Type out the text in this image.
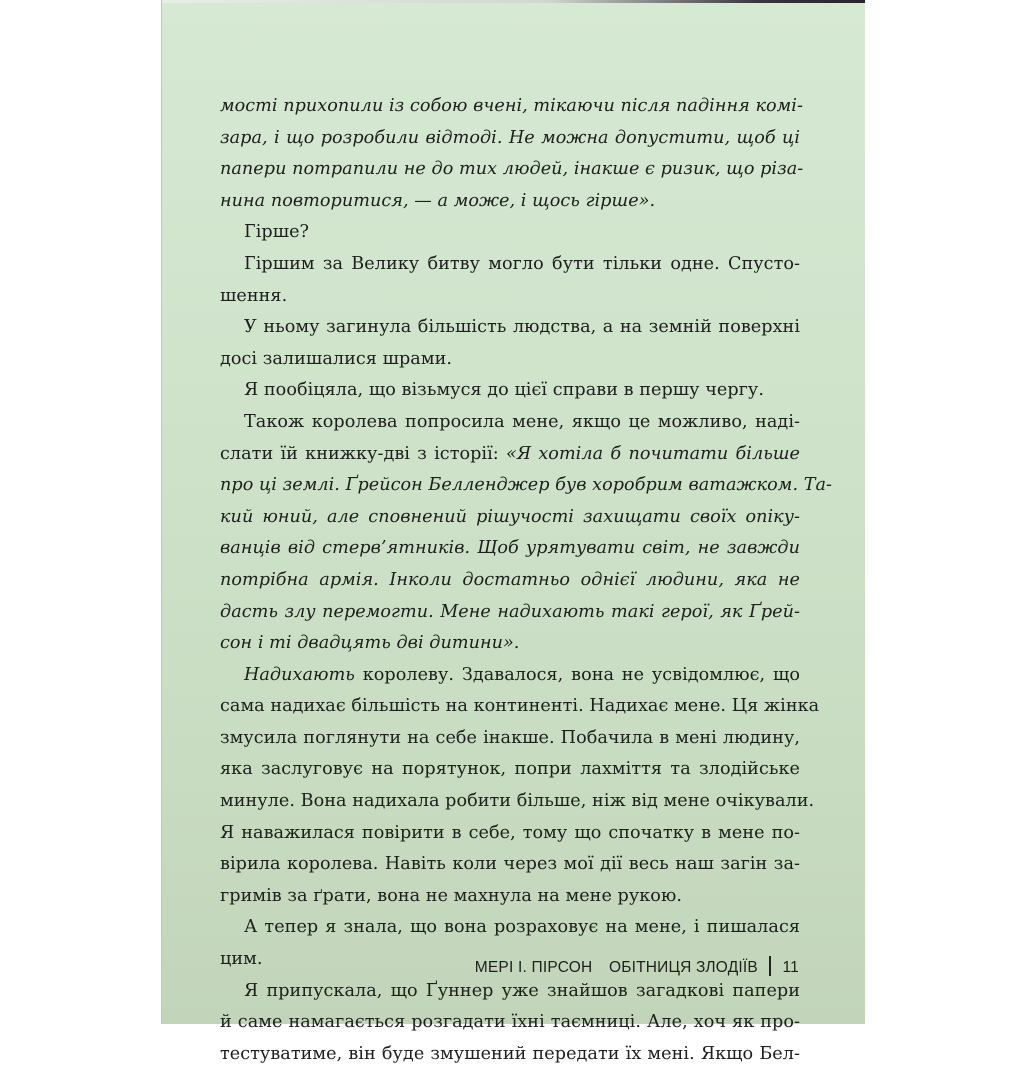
мості прихопили із собою вчені, тікаючи після падіння комі-
зара, і що розробили відтоді. Не можна допустити, щоб ці
папери потрапили не до тих людей, інакше є ризик, що різа-
нина повторитися, — а може, і щось гірше».
Гірше?
Гіршим за Велику битву могло бути тільки одне. Спусто-
шення.
У ньому загинула більшість людства, а на земній поверхні
досі залишалися шрами.
Я пообіцяла, що візьмуся до цієї справи в першу чергу.
Також королева попросила мене, якщо це можливо, наді-
слати їй книжку-дві з історії: «Я хотіла б почитати більше
про ці землі. Ґрейсон Белленджер був хоробрим ватажком. Та-
кий юний, але сповнений рішучості захищати своїх опіку-
ванців від стерв’ятників. Щоб урятувати світ, не завжди
потрібна армія. Інколи достатньо однієї людини, яка не
дасть злу перемогти. Мене надихають такі герої, як Ґрей-
сон і ті двадцять дві дитини».
Надихають королеву. Здавалося, вона не усвідомлює, що
сама надихає більшість на континенті. Надихає мене. Ця жінка
змусила поглянути на себе інакше. Побачила в мені людину,
яка заслуговує на порятунок, попри лахміття та злодійське
минуле. Вона надихала робити більше, ніж від мене очікували.
Я наважилася повірити в себе, тому що спочатку в мене по-
вірила королева. Навіть коли через мої дії весь наш загін за-
гримів за ґрати, вона не махнула на мене рукою.
А тепер я знала, що вона розраховує на мене, і пишалася
цим.
Я припускала, що Ґуннер уже знайшов загадкові папери
й саме намагається розгадати їхні таємниці. Але, хоч як про-
тестуватиме, він буде змушений передати їх мені. Якщо Бел-
МЕРІ І. ПІРСОН ОБІТНИЦЯ ЗЛОДІЇВ 11
